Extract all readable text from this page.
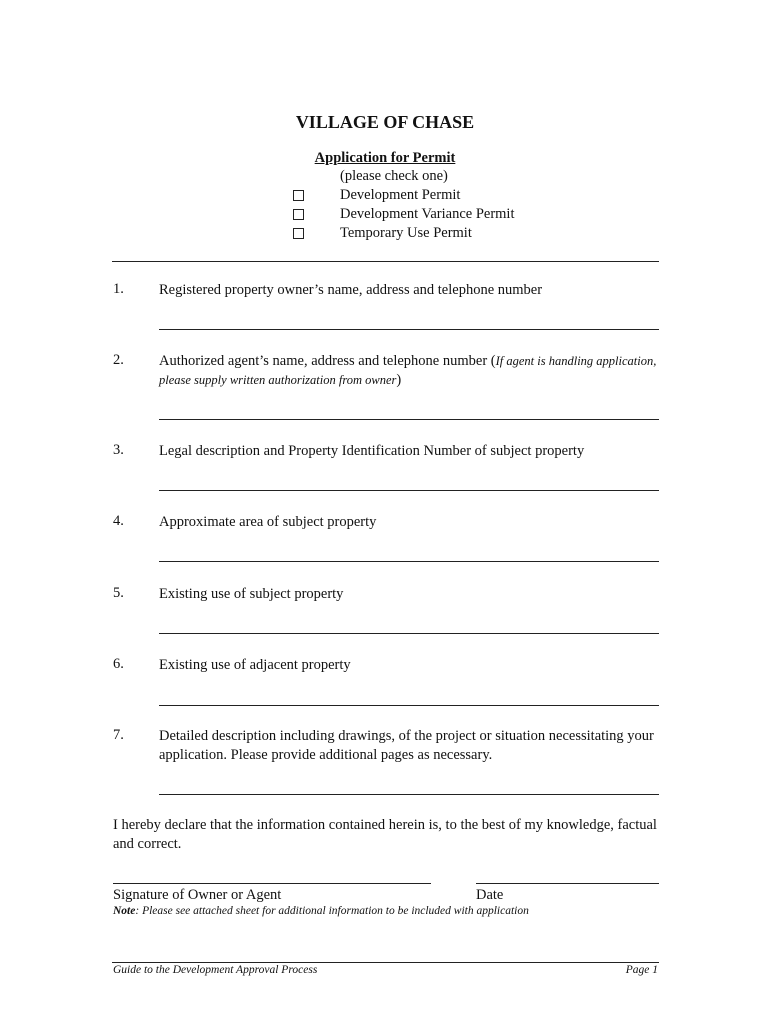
VILLAGE OF CHASE
Application for Permit
(please check one)
Development Permit
Development Variance Permit
Temporary Use Permit
1. Registered property owner’s name, address and telephone number
2. Authorized agent’s name, address and telephone number (If agent is handling application, please supply written authorization from owner)
3. Legal description and Property Identification Number of subject property
4. Approximate area of subject property
5. Existing use of subject property
6. Existing use of adjacent property
7. Detailed description including drawings, of the project or situation necessitating your application. Please provide additional pages as necessary.
I hereby declare that the information contained herein is, to the best of my knowledge, factual and correct.
Signature of Owner or Agent	Date
Note: Please see attached sheet for additional information to be included with application
Guide to the Development Approval Process	Page 1
